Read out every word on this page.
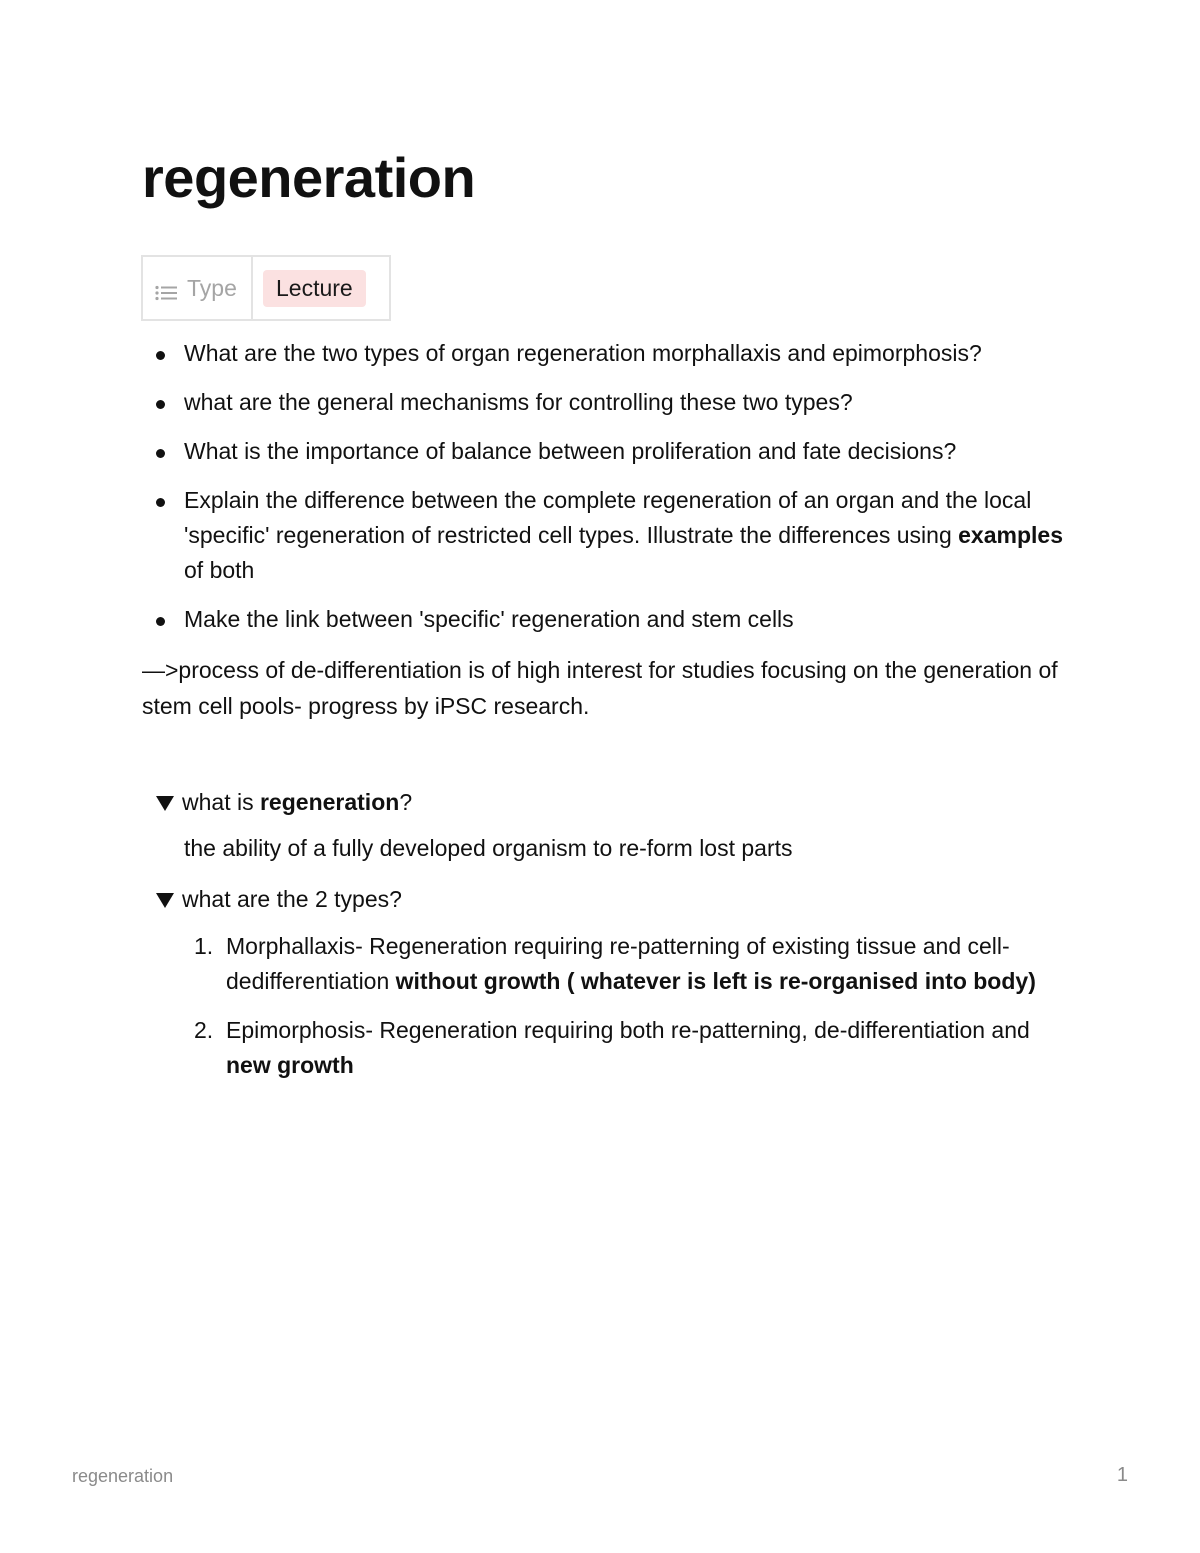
regeneration
Type	Lecture
What are the two types of organ regeneration morphallaxis and epimorphosis?
what are the general mechanisms for controlling these two types?
What is the importance of balance between proliferation and fate decisions?
Explain the difference between the complete regeneration of an organ and the local 'specific' regeneration of restricted cell types. Illustrate the differences using examples of both
Make the link between 'specific' regeneration and stem cells

—>process of de-differentiation is of high interest for studies focusing on the generation of stem cell pools- progress by iPSC research.

what is regeneration?

the ability of a fully developed organism to re-form lost parts

what are the 2 types?
1. Morphallaxis- Regeneration requiring re-patterning of existing tissue and cell-dedifferentiation without growth ( whatever is left is re-organised into body)
2. Epimorphosis- Regeneration requiring both re-patterning, de-differentiation and new growth
regeneration	1
